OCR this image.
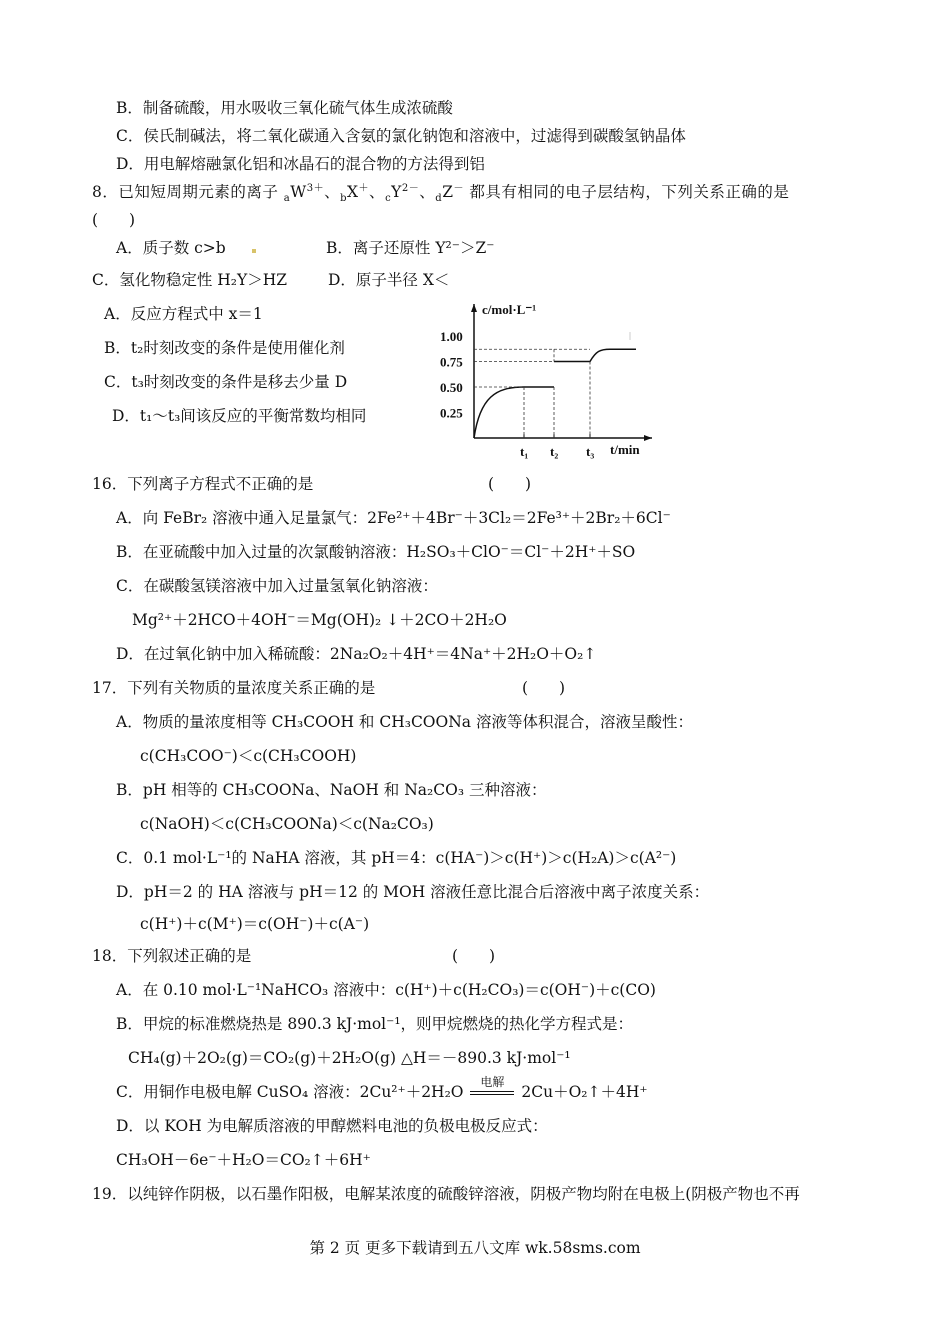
B．制备硫酸，用水吸收三氧化硫气体生成浓硫酸
C．侯氏制碱法，将二氧化碳通入含氨的氯化钠饱和溶液中，过滤得到碳酸氢钠晶体
D．用电解熔融氯化铝和冰晶石的混合物的方法得到铝
8．已知短周期元素的离子 $_aW^{3+}$、$_b$X＋、$_cY^{2-}$、$_d$Z－ 都具有相同的电子层结构，下列关系正确的是
(　　)
A．质子数 c>b	B．离子还原性 Y²⁻＞Z⁻
C．氢化物稳定性 H₂Y＞HZ	D．原子半径 X＜
A．反应方程式中 x＝1
B．t₂时刻改变的条件是使用催化剂
C．t₃时刻改变的条件是移去少量 D
D．t₁～t₃间该反应的平衡常数均相同
c/mol·L⁻¹
t/min
1.00
0.75
0.50
0.25
t₁ t₂ t₃
16．下列离子方程式不正确的是	(　　)
A．向 FeBr₂ 溶液中通入足量氯气：2Fe²⁺＋4Br⁻＋3Cl₂＝2Fe³⁺＋2Br₂＋6Cl⁻
B．在亚硫酸中加入过量的次氯酸钠溶液：H₂SO₃＋ClO⁻＝Cl⁻＋2H⁺＋SO
C．在碳酸氢镁溶液中加入过量氢氧化钠溶液：
Mg²⁺＋2HCO＋4OH⁻＝Mg(OH)₂ ↓＋2CO＋2H₂O
D．在过氧化钠中加入稀硫酸：2Na₂O₂＋4H⁺＝4Na⁺＋2H₂O＋O₂↑
17．下列有关物质的量浓度关系正确的是	(　　)
A．物质的量浓度相等 CH₃COOH 和 CH₃COONa 溶液等体积混合，溶液呈酸性：
c(CH₃COO⁻)＜c(CH₃COOH)
B．pH 相等的 CH₃COONa、NaOH 和 Na₂CO₃ 三种溶液：
c(NaOH)＜c(CH₃COONa)＜c(Na₂CO₃)
C．0.1 mol·L⁻¹的 NaHA 溶液，其 pH＝4：c(HA⁻)＞c(H⁺)＞c(H₂A)＞c(A²⁻)
D．pH＝2 的 HA 溶液与 pH＝12 的 MOH 溶液任意比混合后溶液中离子浓度关系：
c(H⁺)＋c(M⁺)＝c(OH⁻)＋c(A⁻)
18．下列叙述正确的是	(　　)
A．在 0.10 mol·L⁻¹NaHCO₃ 溶液中：c(H⁺)＋c(H₂CO₃)＝c(OH⁻)＋c(CO)
B．甲烷的标准燃烧热是 890.3 kJ·mol⁻¹，则甲烷燃烧的热化学方程式是：
CH₄(g)＋2O₂(g)＝CO₂(g)＋2H₂O(g) △H＝－890.3 kJ·mol⁻¹
C．用铜作电极电解 CuSO₄ 溶液：2Cu²⁺＋2H₂O
电解
2Cu＋O₂↑＋4H⁺
D．以 KOH 为电解质溶液的甲醇燃料电池的负极电极反应式：
CH₃OH－6e⁻＋H₂O＝CO₂↑＋6H⁺
19．以纯锌作阴极，以石墨作阳极，电解某浓度的硫酸锌溶液，阴极产物均附在电极上(阴极产物也不再
第 2 页 更多下载请到五八文库 wk.58sms.com
